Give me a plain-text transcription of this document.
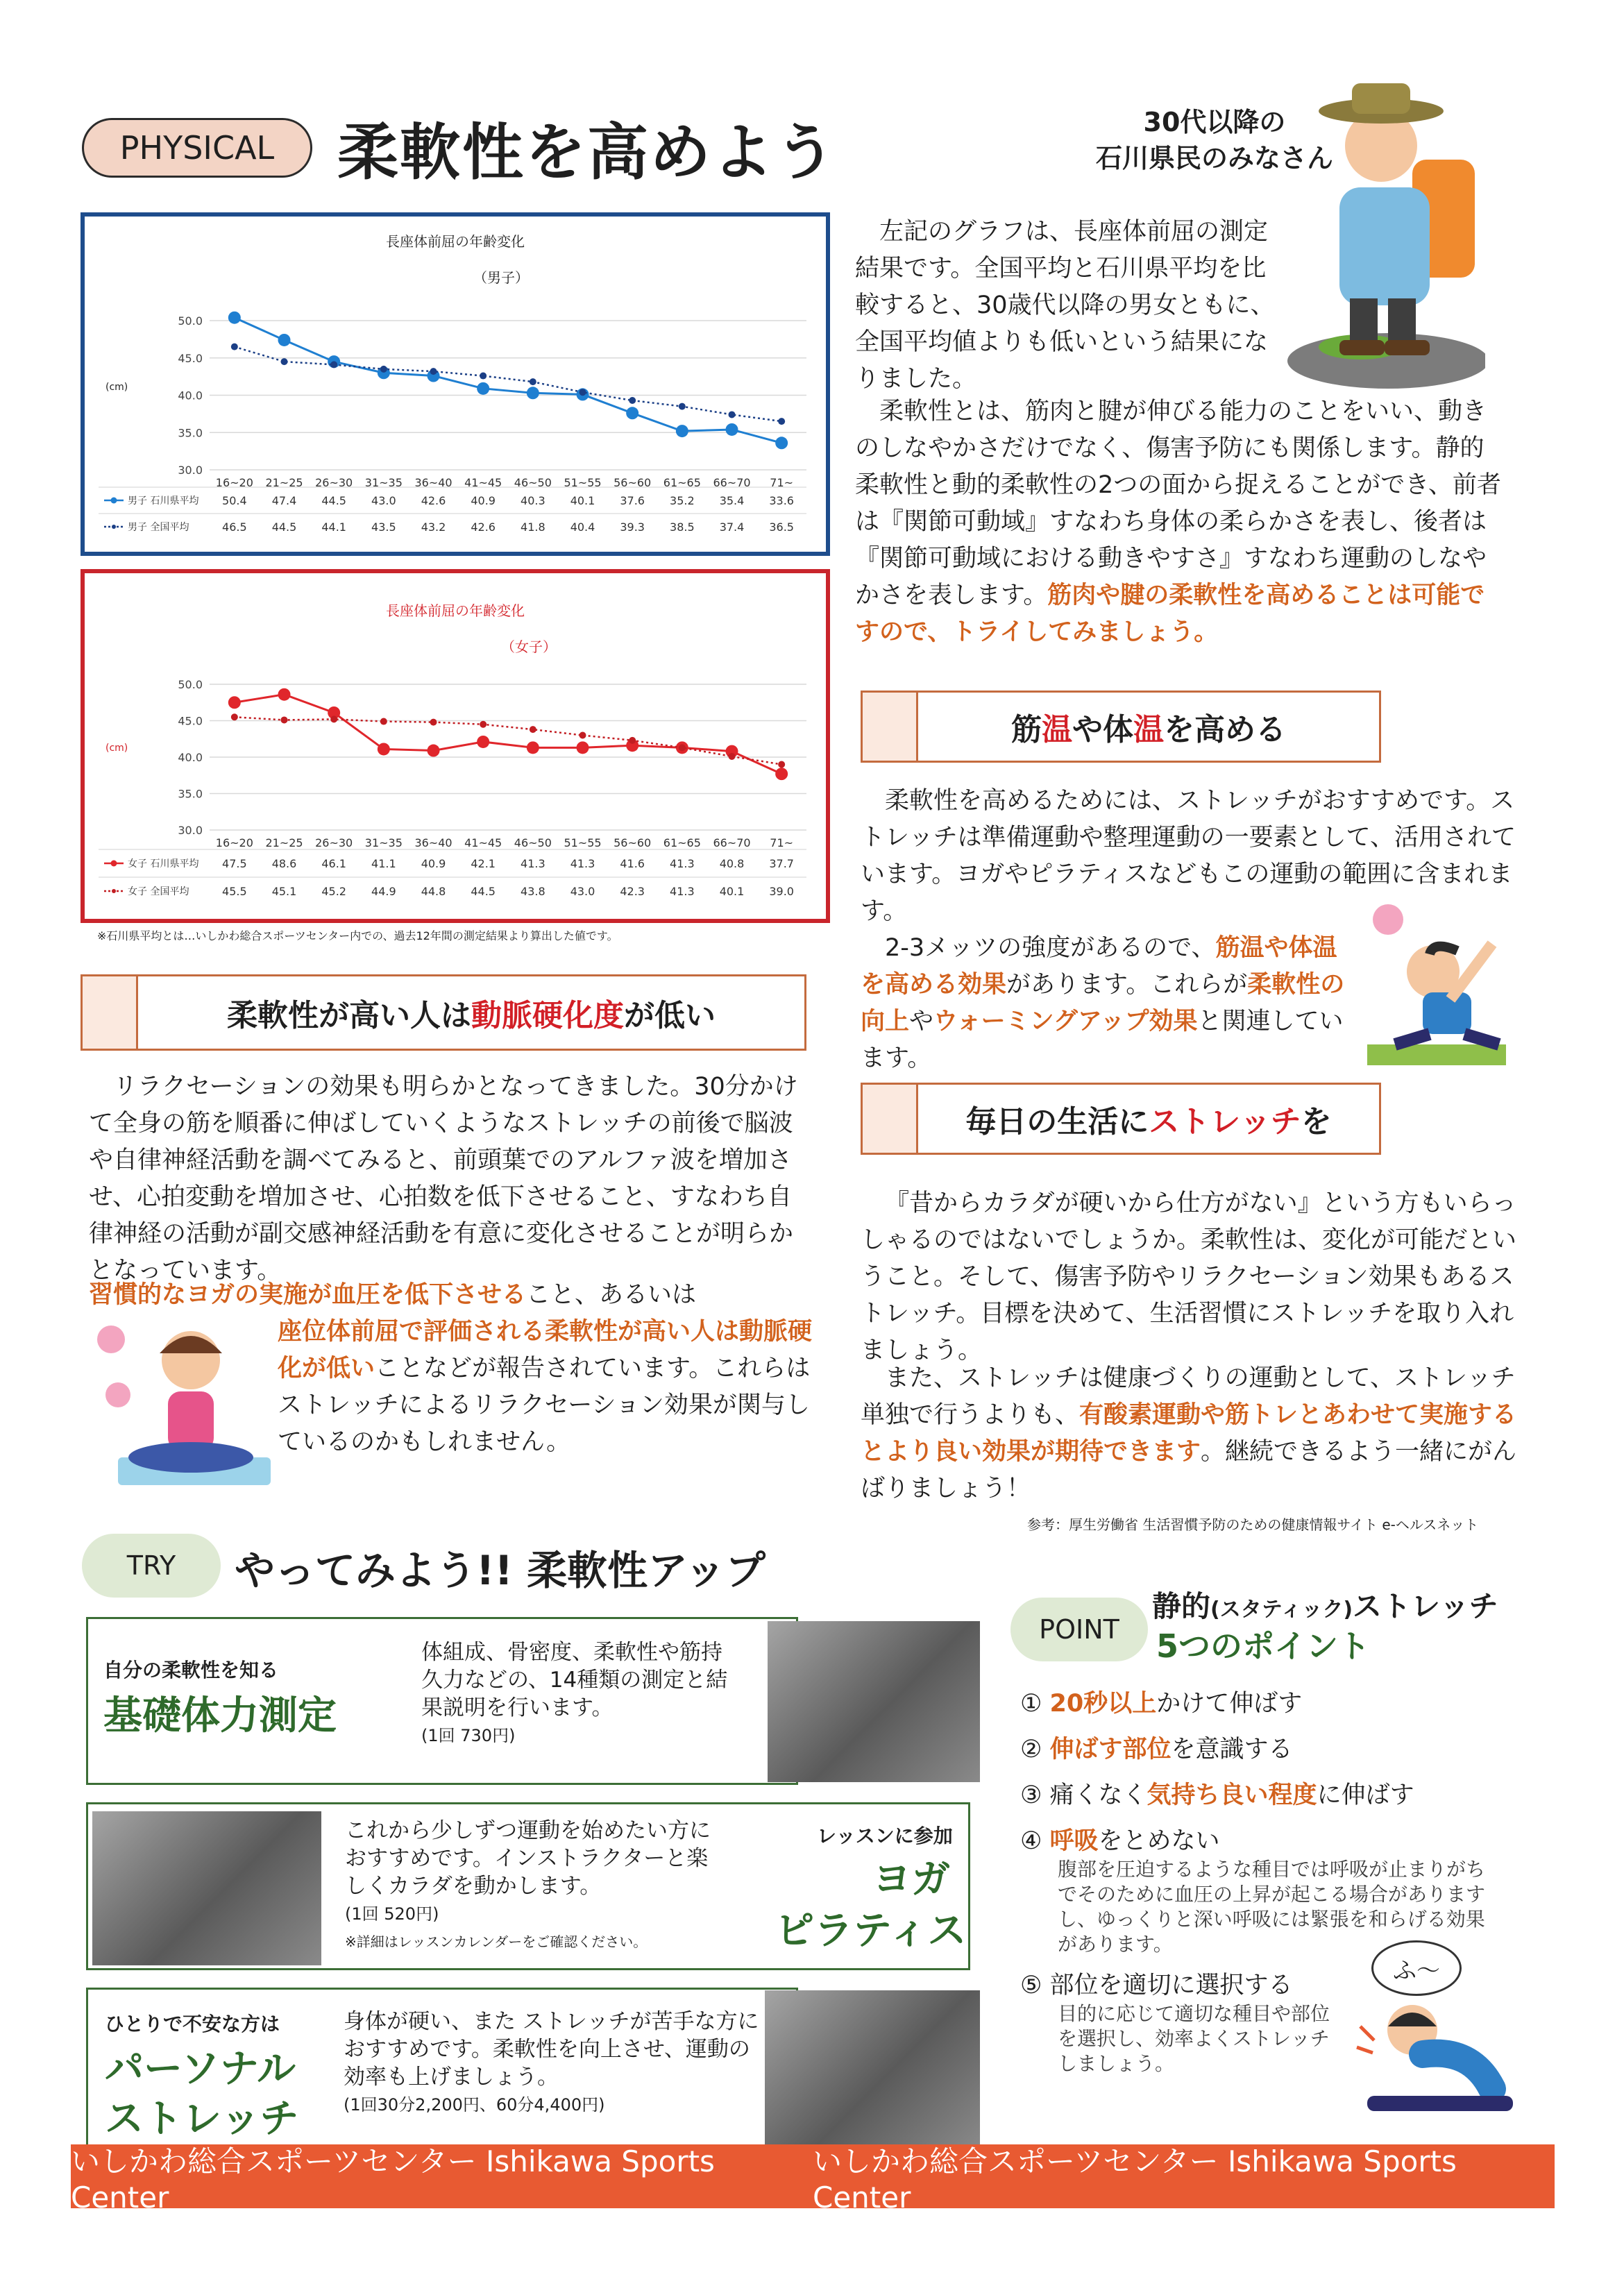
PHYSICAL 柔軟性を高めよう	30代以降の
石川県民のみなさん
長座体前屈の年齢変化
（男子）
(cm)
50.0
45.0
40.0
35.0
30.0
16~20 21~25 26~30 31~35 36~40 41~45 46~50 51~55 56~60 61~65 66~70 71~
男子 石川県平均 50.4 47.4 44.5 43.0 42.6 40.9 40.3 40.1 37.6 35.2 35.4 33.6
男子 全国平均	46.5 44.5 44.1 43.5 43.2 42.6 41.8 40.4 39.3 38.5 37.4 36.5
長座体前屈の年齢変化
（女子）
(cm)
50.0
45.0
40.0
35.0
30.0
16~20 21~25 26~30 31~35 36~40 41~45 46~50 51~55 56~60 61~65 66~70 71~
女子 石川県平均 47.5 48.6 46.1 41.1 40.9 42.1 41.3 41.3 41.6 41.3 40.8 37.7
女子 全国平均	45.5 45.1 45.2 44.9 44.8 44.5 43.8 43.0 42.3 41.3 40.1 39.0
※石川県平均とは…いしかわ総合スポーツセンター内での、過去12年間の測定結果より算出した値です。

左記のグラフは、長座体前屈の測定結果です。全国平均と石川県平均を比較すると、30歳代以降の男女ともに、全国平均値よりも低いという結果になりました。

柔軟性とは、筋肉と腱が伸びる能力のことをいい、動きのしなやかさだけでなく、傷害予防にも関係します。静的柔軟性と動的柔軟性の2つの面から捉えることができ、前者は『関節可動域』すなわち身体の柔らかさを表し、後者は『関節可動域における動きやすさ』すなわち運動のしなやかさを表します。筋肉や腱の柔軟性を高めることは可能ですので、トライしてみましょう。

筋温や体温を高める

柔軟性を高めるためには、ストレッチがおすすめです。ストレッチは準備運動や整理運動の一要素として、活用されています。ヨガやピラティスなどもこの運動の範囲に含まれます。

2-3メッツの強度があるので、筋温や体温を高める効果があります。これらが柔軟性の向上やウォーミングアップ効果と関連しています。

柔軟性が高い人は動脈硬化度が低い

リラクセーションの効果も明らかとなってきました。30分かけて全身の筋を順番に伸ばしていくようなストレッチの前後で脳波や自律神経活動を調べてみると、前頭葉でのアルファ波を増加させ、心拍変動を増加させ、心拍数を低下させること、すなわち自律神経の活動が副交感神経活動を有意に変化させることが明らかとなっています。

習慣的なヨガの実施が血圧を低下させること、あるいは
座位体前屈で評価される柔軟性が高い人は動脈硬化が低いことなどが報告されています。これらはストレッチによるリラクセーション効果が関与しているのかもしれません。
毎日の生活にストレッチを

『昔からカラダが硬いから仕方がない』という方もいらっしゃるのではないでしょうか。柔軟性は、変化が可能だということ。そして、傷害予防やリラクセーション効果もあるストレッチ。目標を決めて、生活習慣にストレッチを取り入れましょう。

また、ストレッチは健康づくりの運動として、ストレッチ単独で行うよりも、有酸素運動や筋トレとあわせて実施するとより良い効果が期待できます。継続できるよう一緒にがんばりましょう！

参考：厚生労働省 生活習慣予防のための健康情報サイト e-ヘルスネット
TRY やってみよう!! 柔軟性アップ
自分の柔軟性を知る
基礎体力測定
体組成、骨密度、柔軟性や筋持久力などの、14種類の測定と結果説明を行います。
(1回 730円)
これから少しずつ運動を始めたい方におすすめです。インストラクターと楽しくカラダを動かします。
(1回 520円)
※詳細はレッスンカレンダーをご確認ください。
レッスンに参加
ヨガ
ピラティス
ひとりで不安な方は
パーソナル
ストレッチ
身体が硬い、また ストレッチが苦手な方におすすめです。柔軟性を向上させ、運動の効率も上げましょう。
(1回30分2,200円、60分4,400円)
POINT
静的(スタティック)ストレッチ
5つのポイント
① 20秒以上かけて伸ばす
② 伸ばす部位を意識する
③ 痛くなく気持ち良い程度に伸ばす
④ 呼吸をとめない
腹部を圧迫するような種目では呼吸が止まりがちでそのために血圧の上昇が起こる場合がありますし、ゆっくりと深い呼吸には緊張を和らげる効果があります。
⑤ 部位を適切に選択する
目的に応じて適切な種目や部位を選択し、効率よくストレッチしましょう。
ふ〜
いしかわ総合スポーツセンター Ishikawa Sports Center
いしかわ総合スポーツセンター Ishikawa Sports Center
